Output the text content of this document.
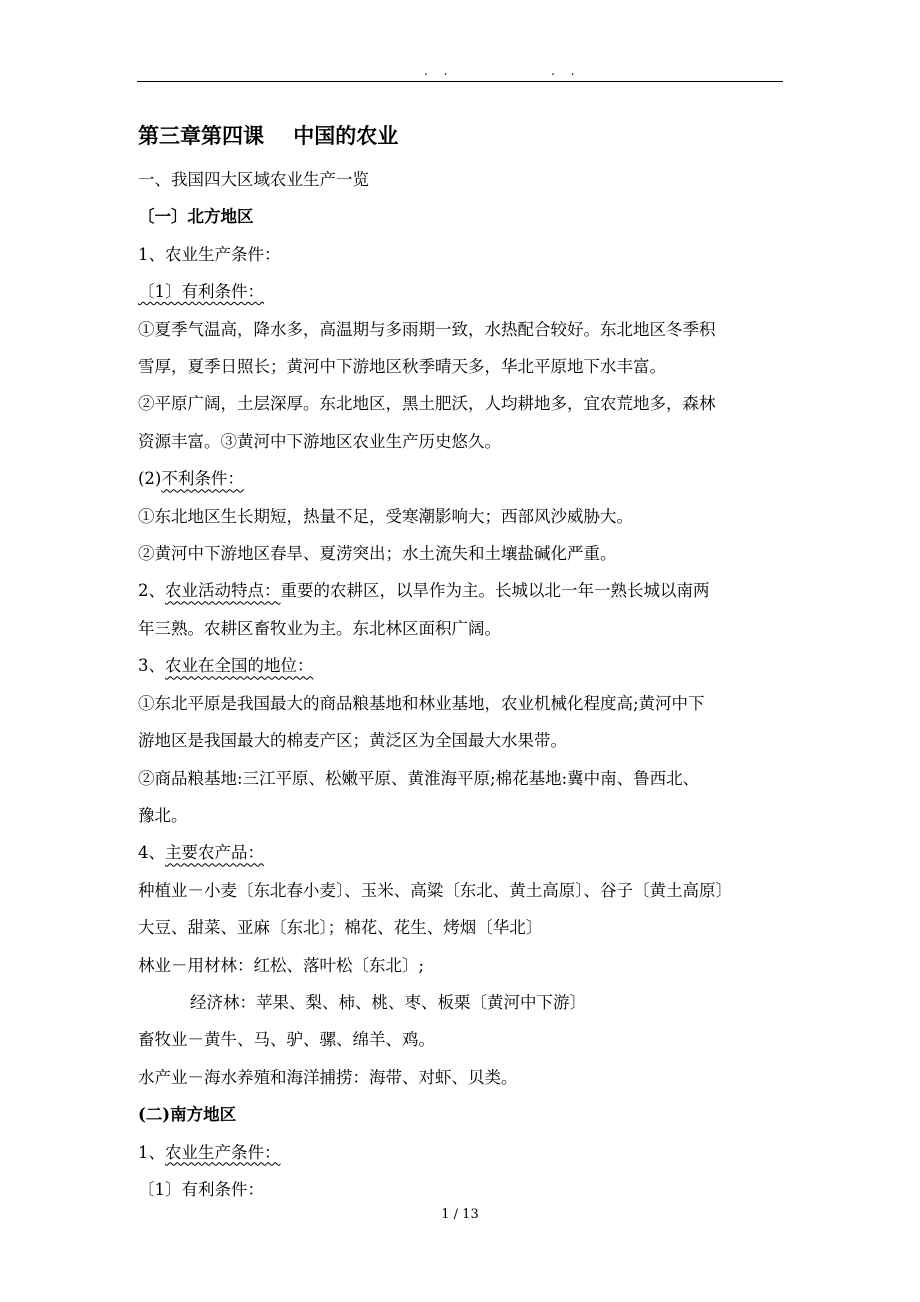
. .	. .
第三章第四课    中国的农业

一、我国四大区域农业生产一览

〔一〕北方地区

1、农业生产条件：

〔1〕有利条件：

①夏季气温高，降水多，高温期与多雨期一致，水热配合较好。东北地区冬季积

雪厚，夏季日照长；黄河中下游地区秋季晴天多，华北平原地下水丰富。

②平原广阔，土层深厚。东北地区，黑土肥沃，人均耕地多，宜农荒地多，森林

资源丰富。③黄河中下游地区农业生产历史悠久。

(2)不利条件：

①东北地区生长期短，热量不足，受寒潮影响大；西部风沙威胁大。

②黄河中下游地区春旱、夏涝突出；水土流失和土壤盐碱化严重。

2、农业活动特点：重要的农耕区，以旱作为主。长城以北一年一熟长城以南两

年三熟。农耕区畜牧业为主。东北林区面积广阔。

3、农业在全国的地位：

①东北平原是我国最大的商品粮基地和林业基地，农业机械化程度高;黄河中下

游地区是我国最大的棉麦产区；黄泛区为全国最大水果带。

②商品粮基地:三江平原、松嫩平原、黄淮海平原;棉花基地:冀中南、鲁西北、

豫北。

4、主要农产品：

种植业－小麦〔东北春小麦〕、玉米、高粱〔东北、黄土高原〕、谷子〔黄土高原〕

大豆、甜菜、亚麻〔东北〕；棉花、花生、烤烟〔华北〕

林业－用材林：红松、落叶松〔东北〕;

经济林：苹果、梨、柿、桃、枣、板栗〔黄河中下游〕

畜牧业－黄牛、马、驴、骡、绵羊、鸡。

水产业－海水养殖和海洋捕捞：海带、对虾、贝类。

(二)南方地区

1、农业生产条件：

〔1〕有利条件：

1 / 13
